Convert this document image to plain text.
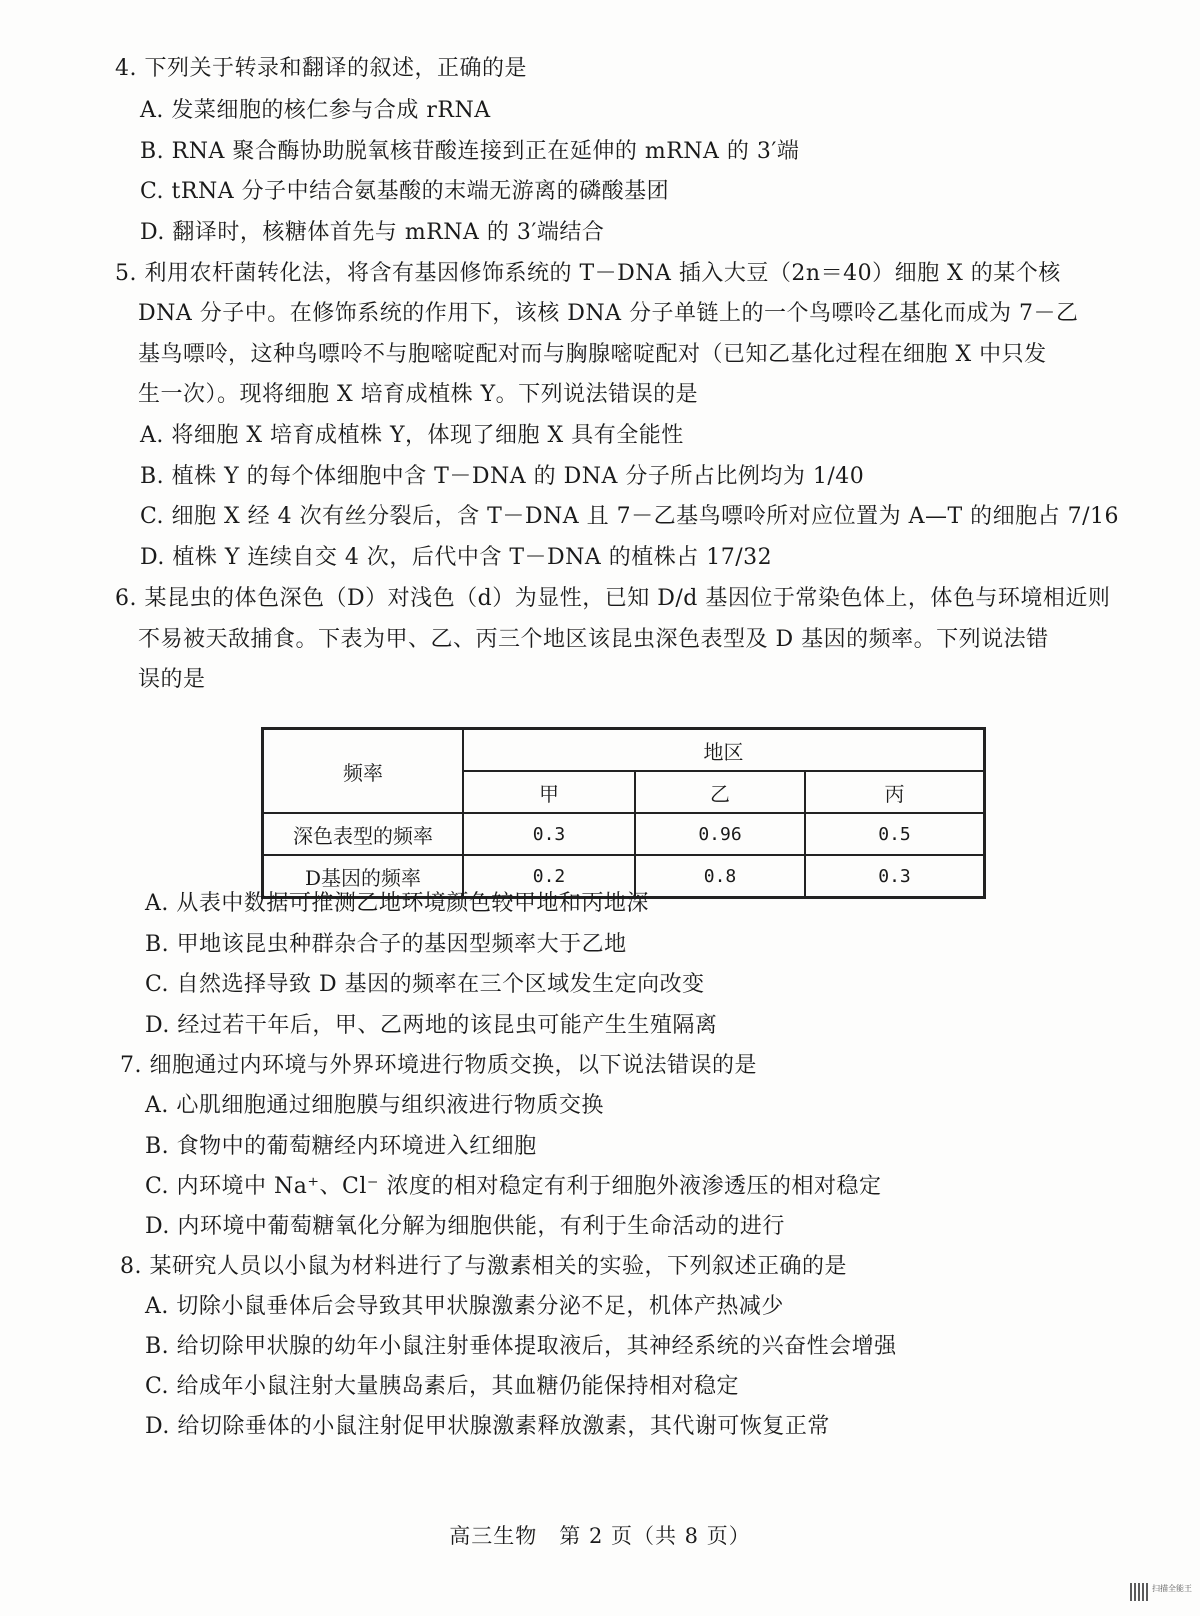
4. 下列关于转录和翻译的叙述，正确的是
A. 发菜细胞的核仁参与合成 rRNA
B. RNA 聚合酶协助脱氧核苷酸连接到正在延伸的 mRNA 的 3′端
C. tRNA 分子中结合氨基酸的末端无游离的磷酸基团
D. 翻译时，核糖体首先与 mRNA 的 3′端结合
5. 利用农杆菌转化法，将含有基因修饰系统的 T－DNA 插入大豆（2n＝40）细胞 X 的某个核
DNA 分子中。在修饰系统的作用下，该核 DNA 分子单链上的一个鸟嘌呤乙基化而成为 7－乙
基鸟嘌呤，这种鸟嘌呤不与胞嘧啶配对而与胸腺嘧啶配对（已知乙基化过程在细胞 X 中只发
生一次）。现将细胞 X 培育成植株 Y。下列说法错误的是
A. 将细胞 X 培育成植株 Y，体现了细胞 X 具有全能性
B. 植株 Y 的每个体细胞中含 T－DNA 的 DNA 分子所占比例均为 1/40
C. 细胞 X 经 4 次有丝分裂后，含 T－DNA 且 7－乙基鸟嘌呤所对应位置为 A—T 的细胞占 7/16
D. 植株 Y 连续自交 4 次，后代中含 T－DNA 的植株占 17/32
6. 某昆虫的体色深色（D）对浅色（d）为显性，已知 D/d 基因位于常染色体上，体色与环境相近则
不易被天敌捕食。下表为甲、乙、丙三个地区该昆虫深色表型及 D 基因的频率。下列说法错
误的是
频率	地区		
	甲	乙	丙
深色表型的频率	0.3	0.96	0.5
D基因的频率	0.2	0.8	0.3
A. 从表中数据可推测乙地环境颜色较甲地和丙地深
B. 甲地该昆虫种群杂合子的基因型频率大于乙地
C. 自然选择导致 D 基因的频率在三个区域发生定向改变
D. 经过若干年后，甲、乙两地的该昆虫可能产生生殖隔离
7. 细胞通过内环境与外界环境进行物质交换，以下说法错误的是
A. 心肌细胞通过细胞膜与组织液进行物质交换
B. 食物中的葡萄糖经内环境进入红细胞
C. 内环境中 Na⁺、Cl⁻ 浓度的相对稳定有利于细胞外液渗透压的相对稳定
D. 内环境中葡萄糖氧化分解为细胞供能，有利于生命活动的进行
8. 某研究人员以小鼠为材料进行了与激素相关的实验，下列叙述正确的是
A. 切除小鼠垂体后会导致其甲状腺激素分泌不足，机体产热减少
B. 给切除甲状腺的幼年小鼠注射垂体提取液后，其神经系统的兴奋性会增强
C. 给成年小鼠注射大量胰岛素后，其血糖仍能保持相对稳定
D. 给切除垂体的小鼠注射促甲状腺激素释放激素，其代谢可恢复正常
高三生物　第 2 页（共 8 页）
扫描全能王
